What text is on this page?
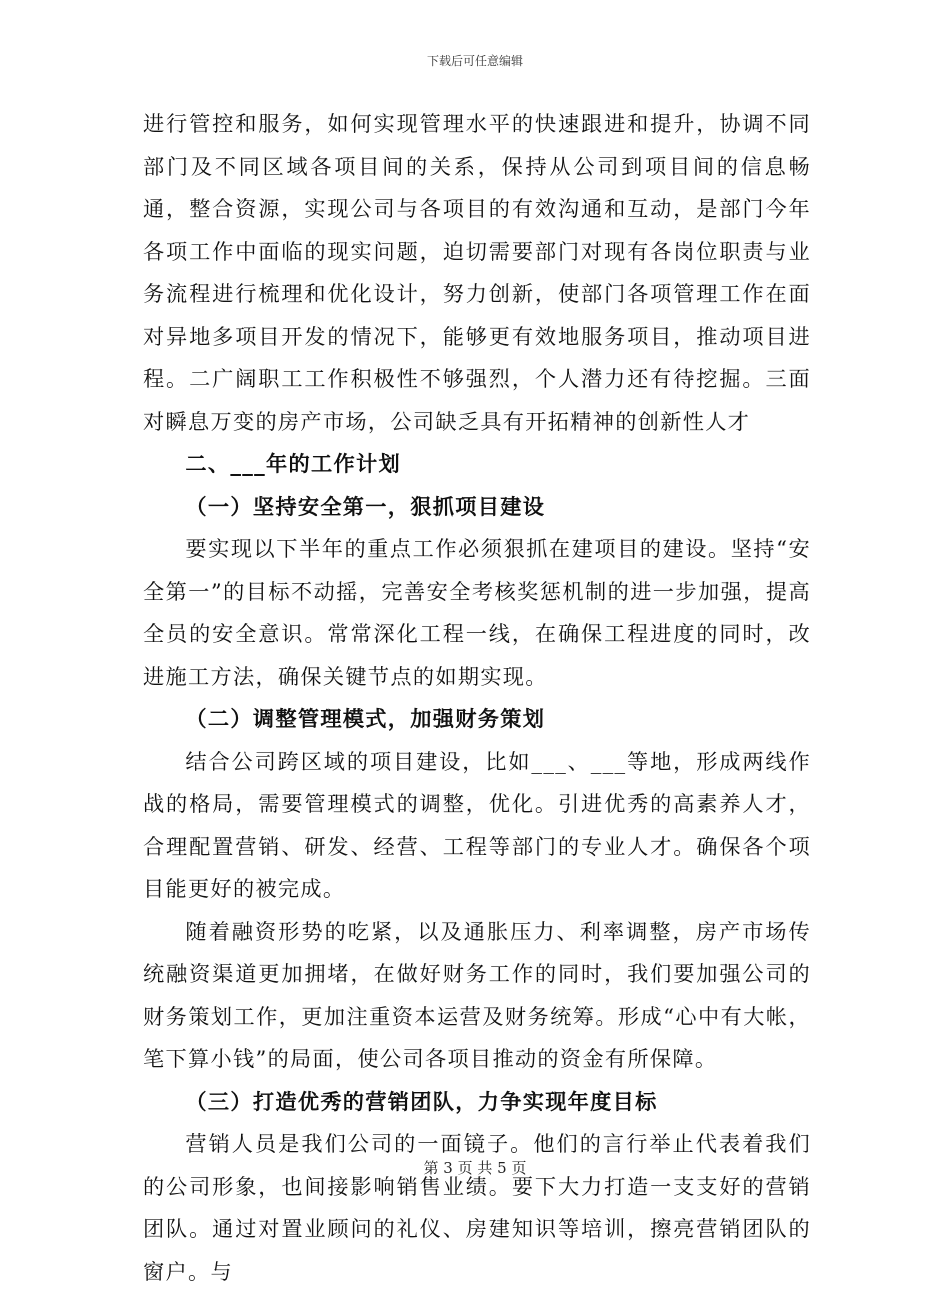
下载后可任意编辑

进行管控和服务，如何实现管理水平的快速跟进和提升，协调不同部门及不同区域各项目间的关系，保持从公司到项目间的信息畅通，整合资源，实现公司与各项目的有效沟通和互动，是部门今年各项工作中面临的现实问题，迫切需要部门对现有各岗位职责与业务流程进行梳理和优化设计，努力创新，使部门各项管理工作在面对异地多项目开发的情况下，能够更有效地服务项目，推动项目进程。二广阔职工工作积极性不够强烈，个人潜力还有待挖掘。三面对瞬息万变的房产市场，公司缺乏具有开拓精神的创新性人才

二、___年的工作计划

（一）坚持安全第一，狠抓项目建设

要实现以下半年的重点工作必须狠抓在建项目的建设。坚持“安全第一”的目标不动摇，完善安全考核奖惩机制的进一步加强，提高全员的安全意识。常常深化工程一线，在确保工程进度的同时，改进施工方法，确保关键节点的如期实现。

（二）调整管理模式，加强财务策划

结合公司跨区域的项目建设，比如___、___等地，形成两线作战的格局，需要管理模式的调整，优化。引进优秀的高素养人才，合理配置营销、研发、经营、工程等部门的专业人才。确保各个项目能更好的被完成。

随着融资形势的吃紧，以及通胀压力、利率调整，房产市场传统融资渠道更加拥堵，在做好财务工作的同时，我们要加强公司的财务策划工作，更加注重资本运营及财务统筹。形成“心中有大帐，笔下算小钱”的局面，使公司各项目推动的资金有所保障。

（三）打造优秀的营销团队，力争实现年度目标

营销人员是我们公司的一面镜子。他们的言行举止代表着我们的公司形象，也间接影响销售业绩。要下大力打造一支支好的营销团队。通过对置业顾问的礼仪、房建知识等培训，擦亮营销团队的窗户。与

第 3 页 共 5 页
